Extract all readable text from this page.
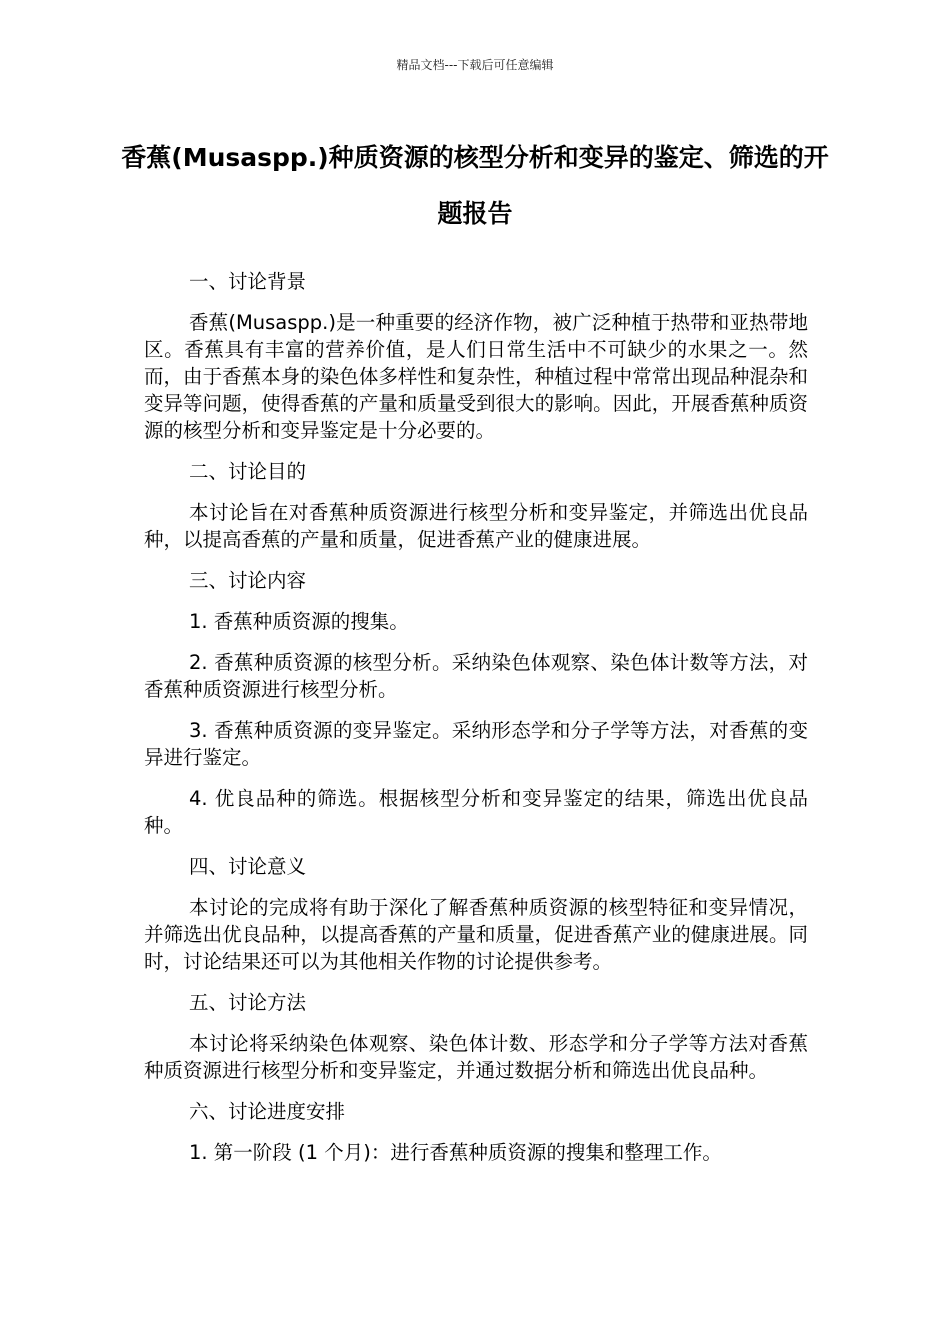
精品文档---下载后可任意编辑
香蕉(Musaspp.)种质资源的核型分析和变异的鉴定、筛选的开题报告

一、讨论背景

香蕉(Musaspp.)是一种重要的经济作物，被广泛种植于热带和亚热带地区。香蕉具有丰富的营养价值，是人们日常生活中不可缺少的水果之一。然而，由于香蕉本身的染色体多样性和复杂性，种植过程中常常出现品种混杂和变异等问题，使得香蕉的产量和质量受到很大的影响。因此，开展香蕉种质资源的核型分析和变异鉴定是十分必要的。

二、讨论目的

本讨论旨在对香蕉种质资源进行核型分析和变异鉴定，并筛选出优良品种，以提高香蕉的产量和质量，促进香蕉产业的健康进展。

三、讨论内容

1. 香蕉种质资源的搜集。

2. 香蕉种质资源的核型分析。采纳染色体观察、染色体计数等方法，对香蕉种质资源进行核型分析。

3. 香蕉种质资源的变异鉴定。采纳形态学和分子学等方法，对香蕉的变异进行鉴定。

4. 优良品种的筛选。根据核型分析和变异鉴定的结果，筛选出优良品种。

四、讨论意义

本讨论的完成将有助于深化了解香蕉种质资源的核型特征和变异情况，并筛选出优良品种，以提高香蕉的产量和质量，促进香蕉产业的健康进展。同时，讨论结果还可以为其他相关作物的讨论提供参考。

五、讨论方法

本讨论将采纳染色体观察、染色体计数、形态学和分子学等方法对香蕉种质资源进行核型分析和变异鉴定，并通过数据分析和筛选出优良品种。

六、讨论进度安排

1. 第一阶段 (1 个月)：进行香蕉种质资源的搜集和整理工作。
